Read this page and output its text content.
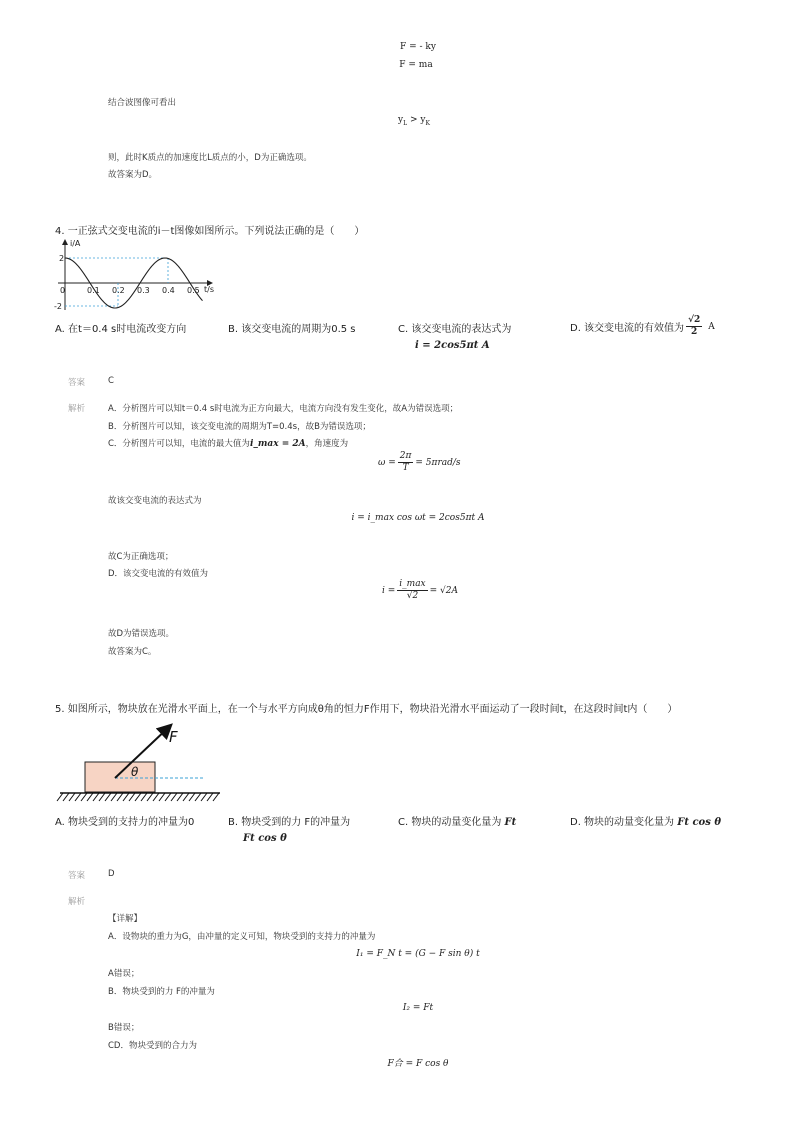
F = - ky
F = ma
结合波图像可看出
$y_L > y_K$
则，此时K质点的加速度比L质点的小，D为正确选项。
故答案为D。
4. 一正弦式交变电流的i－t图像如图所示。下列说法正确的是（　　）
i/A
t/s
2
-2
0	0.1 0.2 0.3 0.4 0.5
A. 在t＝0.4 s时电流改变方向	B. 该交变电流的周期为0.5 s	C. 该交变电流的表达式为
i = 2cos5πt A
D. 该交变电流的有效值为 $\frac{√2}{2}$ A
答案	C
解析	A．分析图片可以知t＝0.4 s时电流为正方向最大，电流方向没有发生变化，故A为错误选项；
B．分析图片可以知，该交变电流的周期为T=0.4s，故B为错误选项；
C．分析图片可以知，电流的最大值为i_max = 2A，角速度为
$\omega = \frac{2\pi}{T} = 5\pi rad/s$
故该交变电流的表达式为
i = i_max cos ωt = 2cos5πt A
故C为正确选项；
D．该交变电流的有效值为
$i = \frac{i\_\max}{√2} = √2A$
故D为错误选项。
故答案为C。
5. 如图所示，物块放在光滑水平面上，在一个与水平方向成θ角的恒力F作用下，物块沿光滑水平面运动了一段时间t，在这段时间t内（　　）
F
θ
A. 物块受到的支持力的冲量为0	B. 物块受到的力 F的冲量为
Ft cos θ
C. 物块的动量变化量为 Ft	D. 物块的动量变化量为 Ft cos θ
答案	D
解析
【详解】
A．设物块的重力为G，由冲量的定义可知，物块受到的支持力的冲量为
I₁ = F_N t = (G − F sin θ) t
A错误；
B．物块受到的力 F的冲量为
I₂ = Ft
B错误；
CD．物块受到的合力为
F合 = F cos θ
